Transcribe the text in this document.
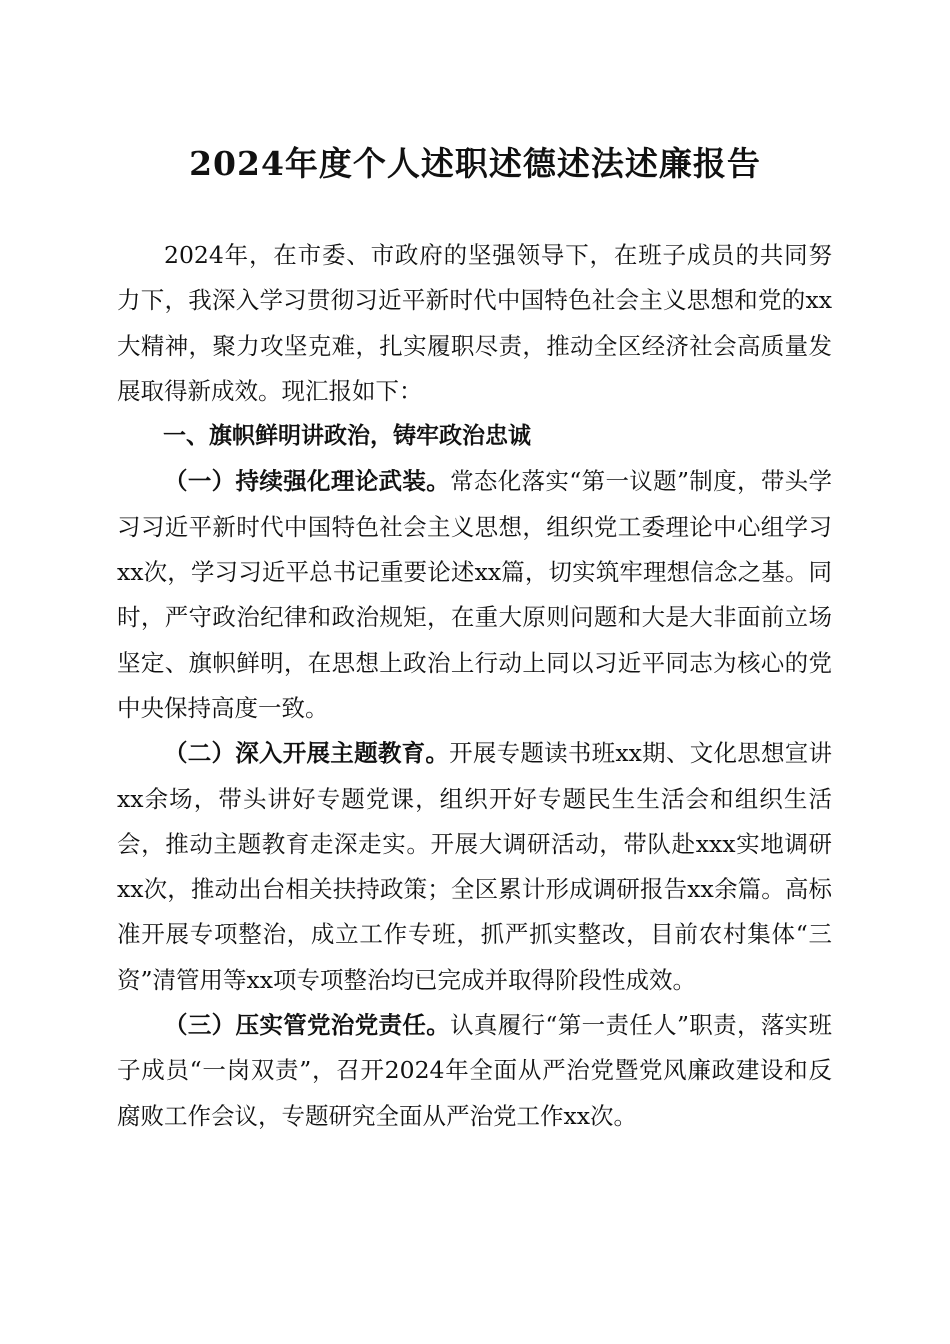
2024年度个人述职述德述法述廉报告

2024年，在市委、市政府的坚强领导下，在班子成员的共同努力下，我深入学习贯彻习近平新时代中国特色社会主义思想和党的xx大精神，聚力攻坚克难，扎实履职尽责，推动全区经济社会高质量发展取得新成效。现汇报如下：

一、旗帜鲜明讲政治，铸牢政治忠诚

（一）持续强化理论武装。常态化落实“第一议题”制度，带头学习习近平新时代中国特色社会主义思想，组织党工委理论中心组学习xx次，学习习近平总书记重要论述xx篇，切实筑牢理想信念之基。同时，严守政治纪律和政治规矩，在重大原则问题和大是大非面前立场坚定、旗帜鲜明，在思想上政治上行动上同以习近平同志为核心的党中央保持高度一致。

（二）深入开展主题教育。开展专题读书班xx期、文化思想宣讲xx余场，带头讲好专题党课，组织开好专题民生生活会和组织生活会，推动主题教育走深走实。开展大调研活动，带队赴xxx实地调研xx次，推动出台相关扶持政策；全区累计形成调研报告xx余篇。高标准开展专项整治，成立工作专班，抓严抓实整改，目前农村集体“三资”清管用等xx项专项整治均已完成并取得阶段性成效。

（三）压实管党治党责任。认真履行“第一责任人”职责，落实班子成员“一岗双责”，召开2024年全面从严治党暨党风廉政建设和反腐败工作会议，专题研究全面从严治党工作xx次。
